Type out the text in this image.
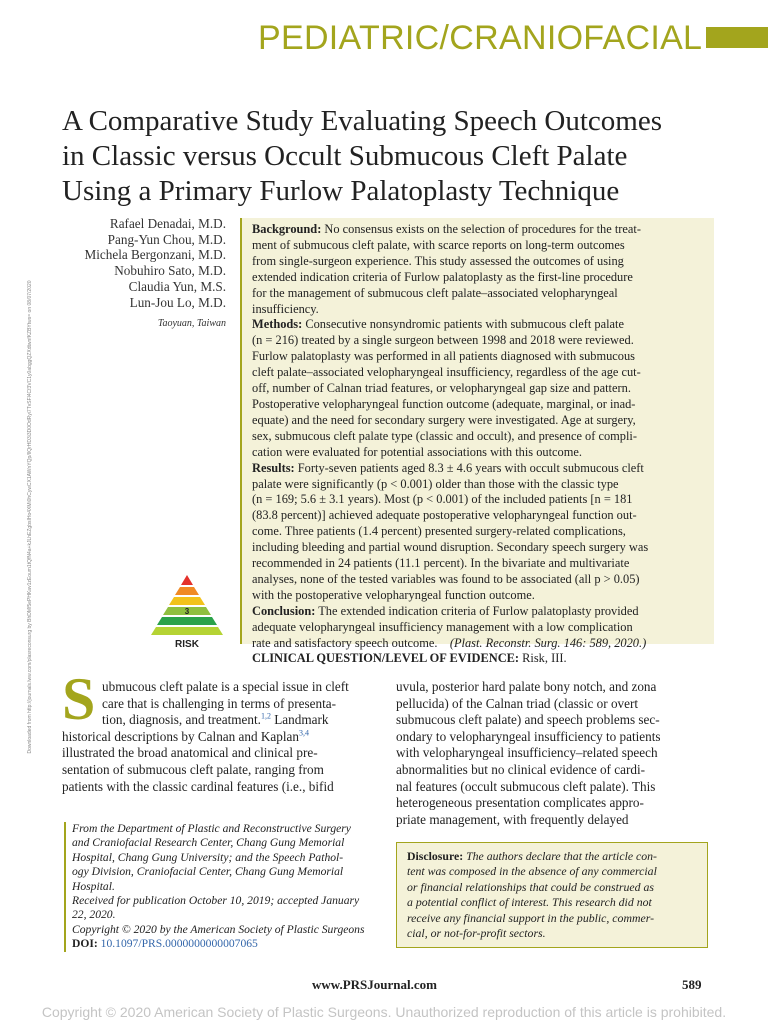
Downloaded from http://journals.lww.com/plasreconsurg by BhDMf5ePHKav1zEoum1tQfN4a+kJLhEZgbsIHo4XMi0hCywCX1AWnYQp/IlQrHD3i3D0OdRyi7TvSFl4Cf3VC1y0abggQZXdtwnfKZBYtws= on 08/07/2020
PEDIATRIC/CRANIOFACIAL
A Comparative Study Evaluating Speech Outcomes
in Classic versus Occult Submucous Cleft Palate
Using a Primary Furlow Palatoplasty Technique
Rafael Denadai, M.D.
Pang-Yun Chou, M.D.
Michela Bergonzani, M.D.
Nobuhiro Sato, M.D.
Claudia Yun, M.S.
Lun-Jou Lo, M.D.
Taoyuan, Taiwan
3
RISK
Background: No consensus exists on the selection of procedures for the treat-
ment of submucous cleft palate, with scarce reports on long-term outcomes
from single-surgeon experience. This study assessed the outcomes of using
extended indication criteria of Furlow palatoplasty as the first-line procedure
for the management of submucous cleft palate–associated velopharyngeal
insufficiency.
Methods: Consecutive nonsyndromic patients with submucous cleft palate
(n = 216) treated by a single surgeon between 1998 and 2018 were reviewed.
Furlow palatoplasty was performed in all patients diagnosed with submucous
cleft palate–associated velopharyngeal insufficiency, regardless of the age cut-
off, number of Calnan triad features, or velopharyngeal gap size and pattern.
Postoperative velopharyngeal function outcome (adequate, marginal, or inad-
equate) and the need for secondary surgery were investigated. Age at surgery,
sex, submucous cleft palate type (classic and occult), and presence of compli-
cation were evaluated for potential associations with this outcome.
Results: Forty-seven patients aged 8.3 ± 4.6 years with occult submucous cleft
palate were significantly (p < 0.001) older than those with the classic type
(n = 169; 5.6 ± 3.1 years). Most (p < 0.001) of the included patients [n = 181
(83.8 percent)] achieved adequate postoperative velopharyngeal function out-
come. Three patients (1.4 percent) presented surgery-related complications,
including bleeding and partial wound disruption. Secondary speech surgery was
recommended in 24 patients (11.1 percent). In the bivariate and multivariate
analyses, none of the tested variables was found to be associated (all p > 0.05)
with the postoperative velopharyngeal function outcome.
Conclusion: The extended indication criteria of Furlow palatoplasty provided
adequate velopharyngeal insufficiency management with a low complication
rate and satisfactory speech outcome. (Plast. Reconstr. Surg. 146: 589, 2020.)
CLINICAL QUESTION/LEVEL OF EVIDENCE: Risk, III.
S ubmucous cleft palate is a special issue in cleft
care that is challenging in terms of presenta-
tion, diagnosis, and treatment.$^{1,2}$ Landmark
historical descriptions by Calnan and Kaplan$^{3,4}$
illustrated the broad anatomical and clinical pre-
sentation of submucous cleft palate, ranging from
patients with the classic cardinal features (i.e., bifid
uvula, posterior hard palate bony notch, and zona
pellucida) of the Calnan triad (classic or overt
submucous cleft palate) and speech problems sec-
ondary to velopharyngeal insufficiency to patients
with velopharyngeal insufficiency–related speech
abnormalities but no clinical evidence of cardi-
nal features (occult submucous cleft palate). This
heterogeneous presentation complicates appro-
priate management, with frequently delayed
From the Department of Plastic and Reconstructive Surgery
and Craniofacial Research Center, Chang Gung Memorial
Hospital, Chang Gung University; and the Speech Pathol-
ogy Division, Craniofacial Center, Chang Gung Memorial
Hospital.
Received for publication October 10, 2019; accepted January
22, 2020.
Copyright © 2020 by the American Society of Plastic Surgeons
DOI: 10.1097/PRS.0000000000007065
Disclosure: The authors declare that the article con-
tent was composed in the absence of any commercial
or financial relationships that could be construed as
a potential conflict of interest. This research did not
receive any financial support in the public, commer-
cial, or not-for-profit sectors.
www.PRSJournal.com	589
Copyright © 2020 American Society of Plastic Surgeons. Unauthorized reproduction of this article is prohibited.
